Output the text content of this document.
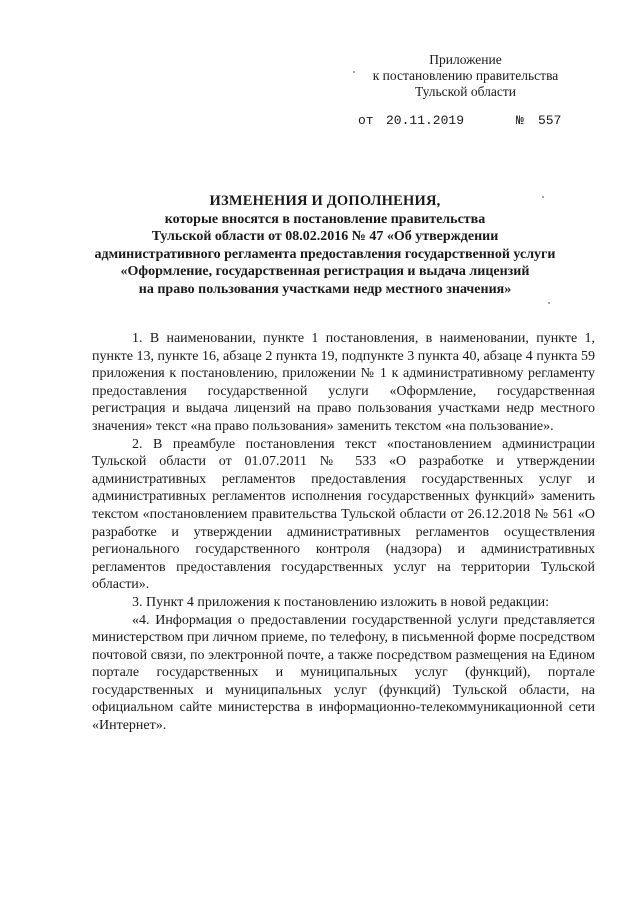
Приложение
к постановлению правительства
Тульской области
от 20.11.2019	№ 557
ИЗМЕНЕНИЯ И ДОПОЛНЕНИЯ,
которые вносятся в постановление правительства
Тульской области от 08.02.2016 № 47 «Об утверждении
административного регламента предоставления государственной услуги
«Оформление, государственная регистрация и выдача лицензий
на право пользования участками недр местного значения»

1. В наименовании, пункте 1 постановления, в наименовании, пункте 1, пункте 13, пункте 16, абзаце 2 пункта 19, подпункте 3 пункта 40, абзаце 4 пункта 59 приложения к постановлению, приложении № 1 к административному регламенту предоставления государственной услуги «Оформление, государственная регистрация и выдача лицензий на право пользования участками недр местного значения» текст «на право пользования» заменить текстом «на пользование».

2. В преамбуле постановления текст «постановлением администрации Тульской области от 01.07.2011 № 533 «О разработке и утверждении административных регламентов предоставления государственных услуг и административных регламентов исполнения государственных функций» заменить текстом «постановлением правительства Тульской области от 26.12.2018 № 561 «О разработке и утверждении административных регламентов осуществления регионального государственного контроля (надзора) и административных регламентов предоставления государственных услуг на территории Тульской области».

3. Пункт 4 приложения к постановлению изложить в новой редакции:

«4. Информация о предоставлении государственной услуги представляется министерством при личном приеме, по телефону, в письменной форме посредством почтовой связи, по электронной почте, а также посредством размещения на Едином портале государственных и муниципальных услуг (функций), портале государственных и муниципальных услуг (функций) Тульской области, на официальном сайте министерства в информационно-телекоммуникационной сети «Интернет».
